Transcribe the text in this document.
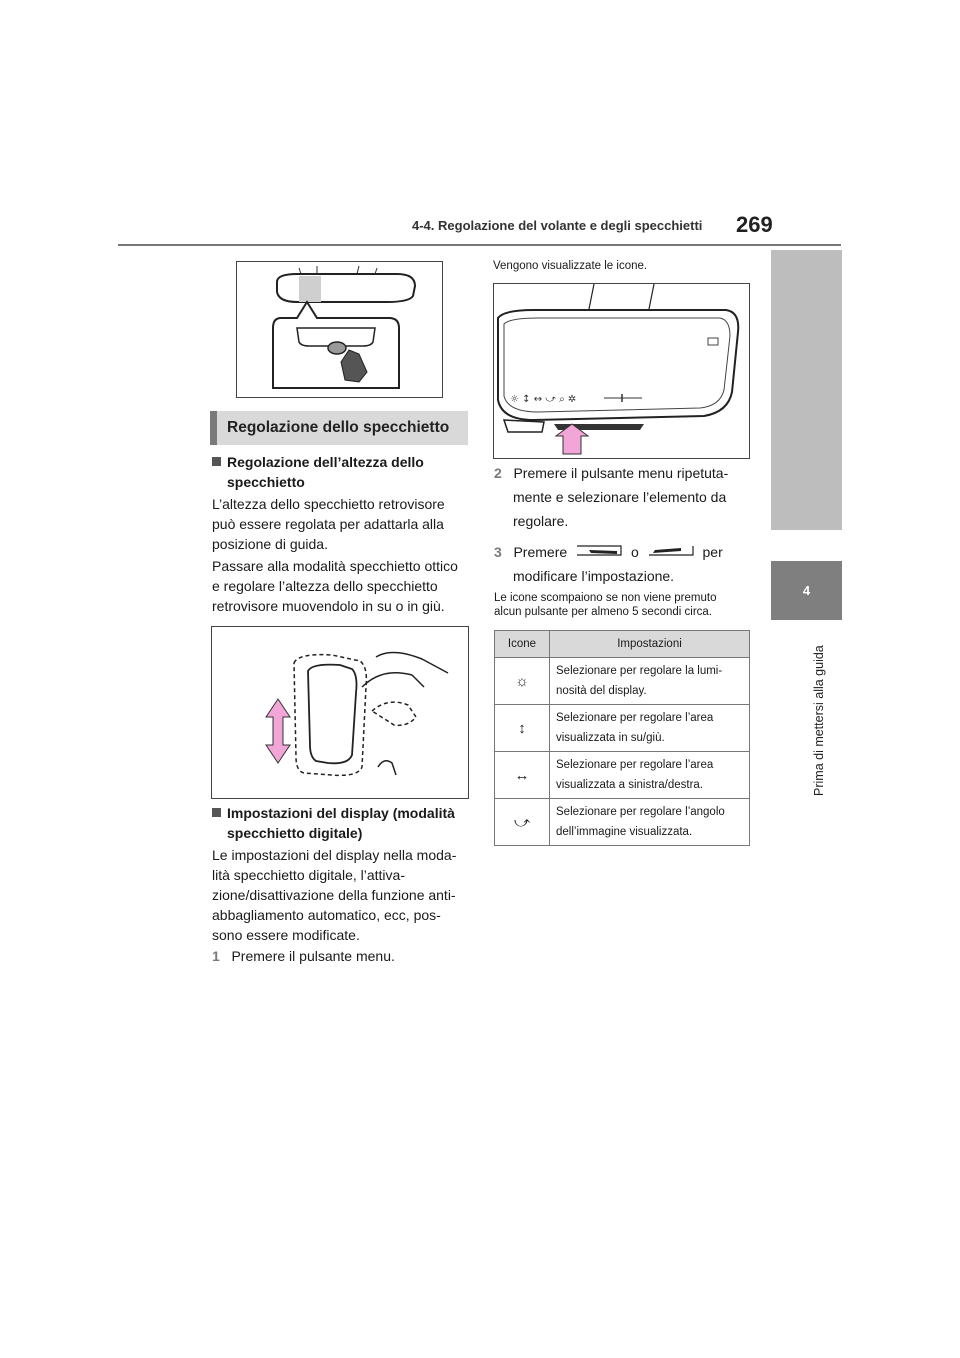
4-4. Regolazione del volante e degli specchietti 269
4
Prima di mettersi alla guida
Regolazione dello specchietto
Regolazione dell’altezza dello
specchietto
L’altezza dello specchietto retrovisore
può essere regolata per adattarla alla
posizione di guida.
Passare alla modalità specchietto ottico
e regolare l’altezza dello specchietto
retrovisore muovendolo in su o in giù.
Impostazioni del display (modalità
specchietto digitale)
Le impostazioni del display nella moda-
lità specchietto digitale, l’attiva-
zione/disattivazione della funzione anti-
abbagliamento automatico, ecc, pos-
sono essere modificate.
1 Premere il pulsante menu.
Vengono visualizzate le icone.
☼ ↕ ↔ ⤻ ⌕ ✲
2 Premere il pulsante menu ripetuta-
mente e selezionare l’elemento da
regolare.
3 Premere	o	per
modificare l’impostazione.
Le icone scompaiono se non viene premuto
alcun pulsante per almeno 5 secondi circa.
Icone	Impostazioni
☼	Selezionare per regolare la lumi-
nosità del display.

↕	Selezionare per regolare l’area
visualizzata in su/giù.

↔	Selezionare per regolare l’area
visualizzata a sinistra/destra.

⤻	Selezionare per regolare l’angolo
dell’immagine visualizzata.
